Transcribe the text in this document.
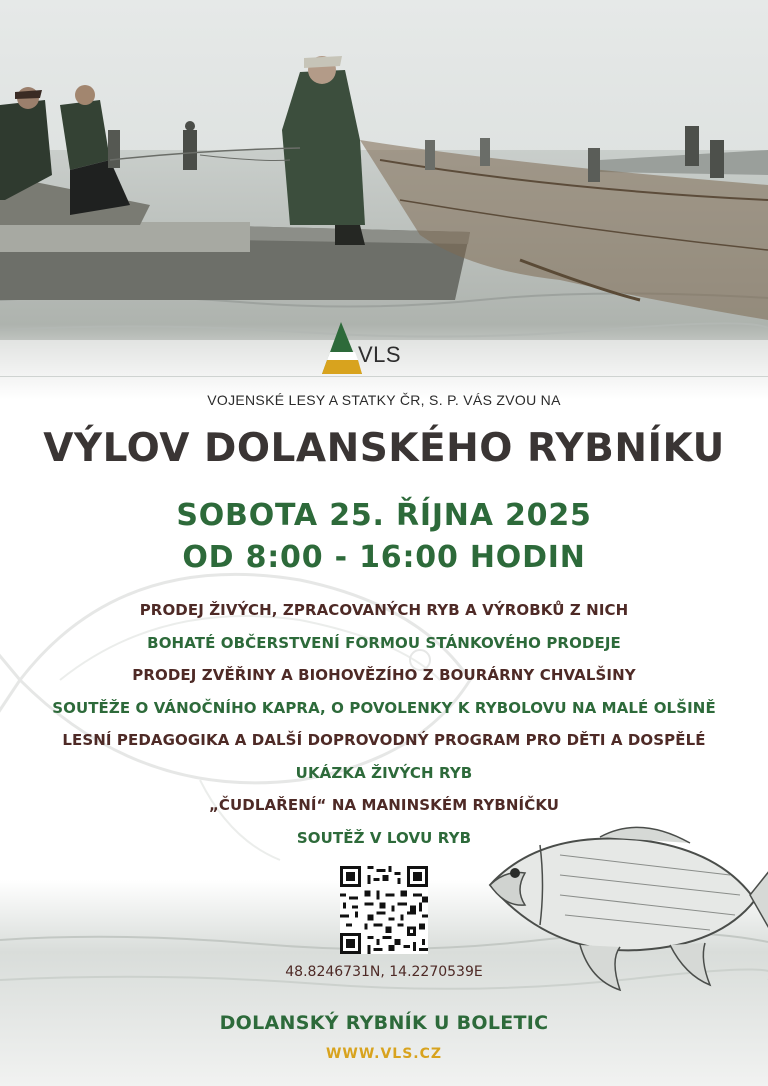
VLS
VOJENSKÉ LESY A STATKY ČR, S. P. VÁS ZVOU NA
VÝLOV DOLANSKÉHO RYBNÍKU
SOBOTA 25. ŘÍJNA 2025
OD 8:00 - 16:00 HODIN
PRODEJ ŽIVÝCH, ZPRACOVANÝCH RYB A VÝROBKŮ Z NICH
BOHATÉ OBČERSTVENÍ FORMOU STÁNKOVÉHO PRODEJE
PRODEJ ZVĚŘINY A BIOHOVĚZÍHO Z BOURÁRNY CHVALŠINY
SOUTĚŽE O VÁNOČNÍHO KAPRA, O POVOLENKY K RYBOLOVU NA MALÉ OLŠINĚ
LESNÍ PEDAGOGIKA A DALŠÍ DOPROVODNÝ PROGRAM PRO DĚTI A DOSPĚLÉ
UKÁZKA ŽIVÝCH RYB
„ČUDLAŘENÍ“ NA MANINSKÉM RYBNÍČKU
SOUTĚŽ V LOVU RYB
48.8246731N, 14.2270539E
DOLANSKÝ RYBNÍK U BOLETIC
WWW.VLS.CZ
